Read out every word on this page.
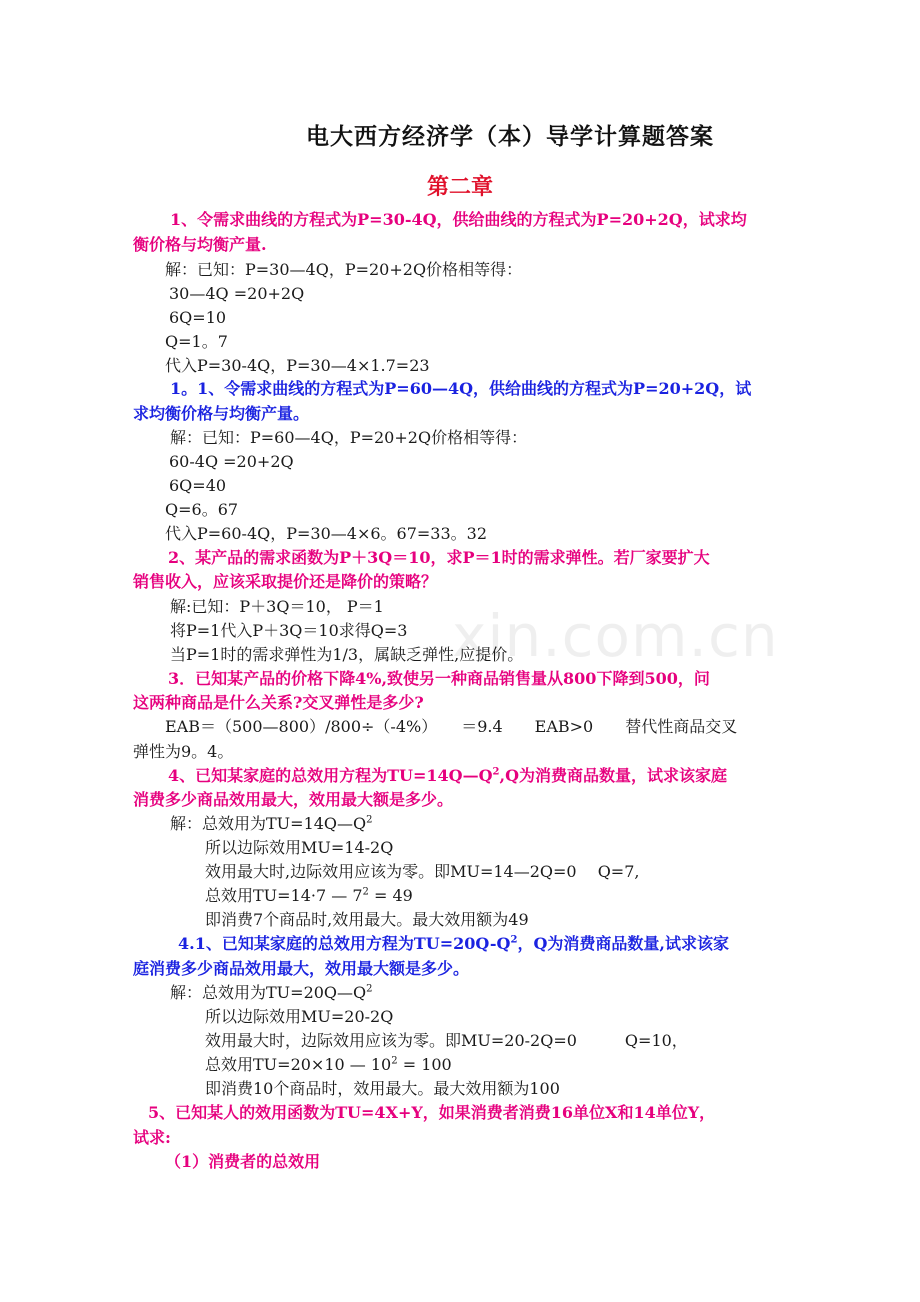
xin.com.cn
电大西方经济学（本）导学计算题答案
第二章
1、令需求曲线的方程式为P=30-4Q，供给曲线的方程式为P=20+2Q，试求均
衡价格与均衡产量.
解：已知：P=30—4Q，P=20+2Q价格相等得：
30—4Q =20+2Q
6Q=10
Q=1。7
代入P=30-4Q，P=30—4×1.7=23
1。1、令需求曲线的方程式为P=60—4Q，供给曲线的方程式为P=20+2Q，试
求均衡价格与均衡产量。
解：已知：P=60—4Q，P=20+2Q价格相等得：
60-4Q =20+2Q
6Q=40
Q=6。67
代入P=60-4Q，P=30—4×6。67=33。32
2、某产品的需求函数为P＋3Q＝10，求P＝1时的需求弹性。若厂家要扩大
销售收入，应该采取提价还是降价的策略？
解:已知：P＋3Q＝10， P＝1
将P=1代入P＋3Q＝10求得Q=3
当P=1时的需求弹性为1/3，属缺乏弹性,应提价。
3．已知某产品的价格下降4%,致使另一种商品销售量从800下降到500，问
这两种商品是什么关系?交叉弹性是多少?
EAB＝（500—800）/800÷（-4%）　　＝9.4　　EAB>0　　替代性商品交叉
弹性为9。4。
4、已知某家庭的总效用方程为$TU=14Q—Q^2,Q$为消费商品数量，试求该家庭
消费多少商品效用最大，效用最大额是多少。
解：总效用为$TU=14Q—Q^2$
所以边际效用MU=14-2Q
效用最大时,边际效用应该为零。即MU=14—2Q=0　 Q=7,
总效用TU=14·7 — $7^2 = 49$
即消费7个商品时,效用最大。最大效用额为49
4.1、已知某家庭的总效用方程为$TU=20Q-Q^2$，Q为消费商品数量,试求该家
庭消费多少商品效用最大，效用最大额是多少。
解：总效用为$TU=20Q—Q^2$
所以边际效用MU=20-2Q
效用最大时，边际效用应该为零。即MU=20-2Q=0　　　Q=10，
总效用TU=20×10 — $10^2 = 100$
即消费10个商品时，效用最大。最大效用额为100
5、已知某人的效用函数为TU=4X+Y，如果消费者消费16单位X和14单位Y，
试求:
（1）消费者的总效用
